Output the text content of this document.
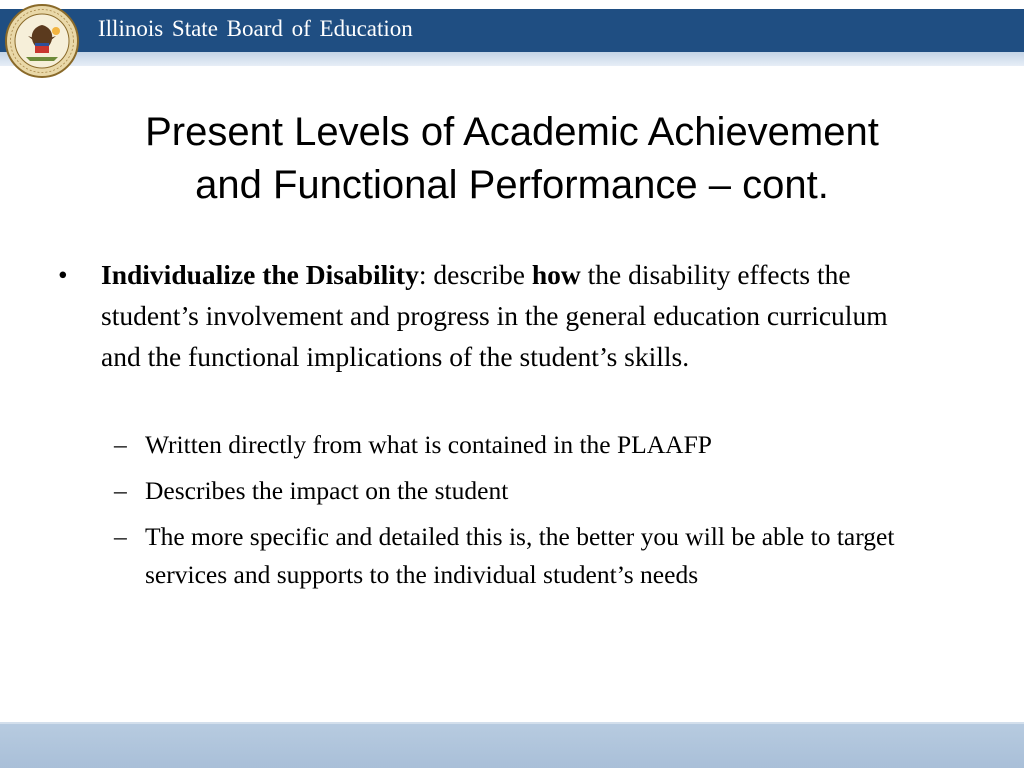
Illinois State Board of Education
Present Levels of Academic Achievement
and Functional Performance – cont.
• Individualize the Disability: describe how the disability effects the student’s involvement and progress in the general education curriculum and the functional implications of the student’s skills.
– Written directly from what is contained in the PLAAFP
– Describes the impact on the student
– The more specific and detailed this is, the better you will be able to target services and supports to the individual student’s needs
